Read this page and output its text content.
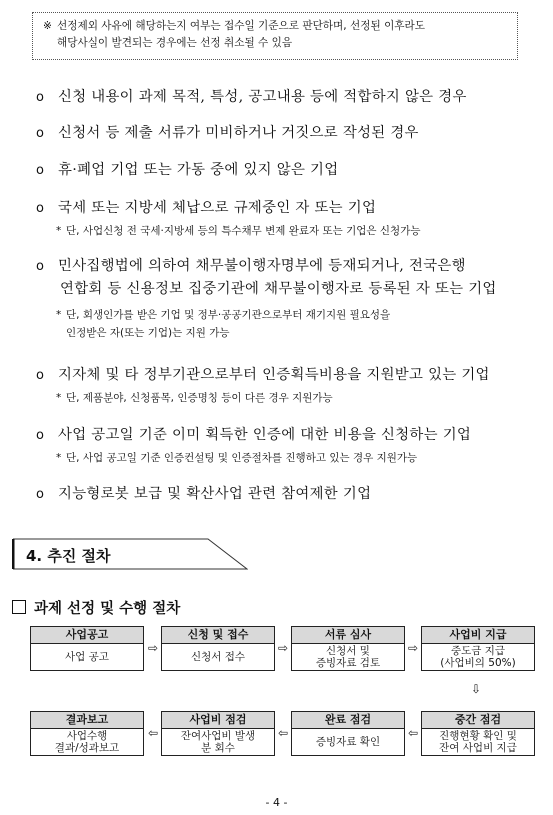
※ 선정제외 사유에 해당하는지 여부는 접수일 기준으로 판단하며, 선정된 이후라도
해당사실이 발견되는 경우에는 선정 취소될 수 있음
o 신청 내용이 과제 목적, 특성, 공고내용 등에 적합하지 않은 경우
o 신청서 등 제출 서류가 미비하거나 거짓으로 작성된 경우
o 휴·폐업 기업 또는 가동 중에 있지 않은 기업
o 국세 또는 지방세 체납으로 규제중인 자 또는 기업
* 단, 사업신청 전 국세·지방세 등의 특수채무 변제 완료자 또는 기업은 신청가능
o 민사집행법에 의하여 채무불이행자명부에 등재되거나, 전국은행
연합회 등 신용정보 집중기관에 채무불이행자로 등록된 자 또는 기업
* 단, 회생인가를 받은 기업 및 정부·공공기관으로부터 재기지원 필요성을
인정받은 자(또는 기업)는 지원 가능
o 지자체 및 타 정부기관으로부터 인증획득비용을 지원받고 있는 기업
* 단, 제품분야, 신청품목, 인증명칭 등이 다른 경우 지원가능
o 사업 공고일 기준 이미 획득한 인증에 대한 비용을 신청하는 기업
* 단, 사업 공고일 기준 인증컨설팅 및 인증절차를 진행하고 있는 경우 지원가능
o 지능형로봇 보급 및 확산사업 관련 참여제한 기업
4. 추진 절차
과제 선정 및 수행 절차
사업공고
사업 공고
⇨
신청 및 접수
신청서 접수
⇨
서류 심사
신청서 및
증빙자료 검토
⇨
사업비 지급
중도금 지급
(사업비의 50%)
⇩
결과보고
사업수행
결과/성과보고
⇦
사업비 점검
잔여사업비 발생
분 회수
⇦
완료 점검
증빙자료 확인
⇦
중간 점검
진행현황 확인 및
잔여 사업비 지급
- 4 -
